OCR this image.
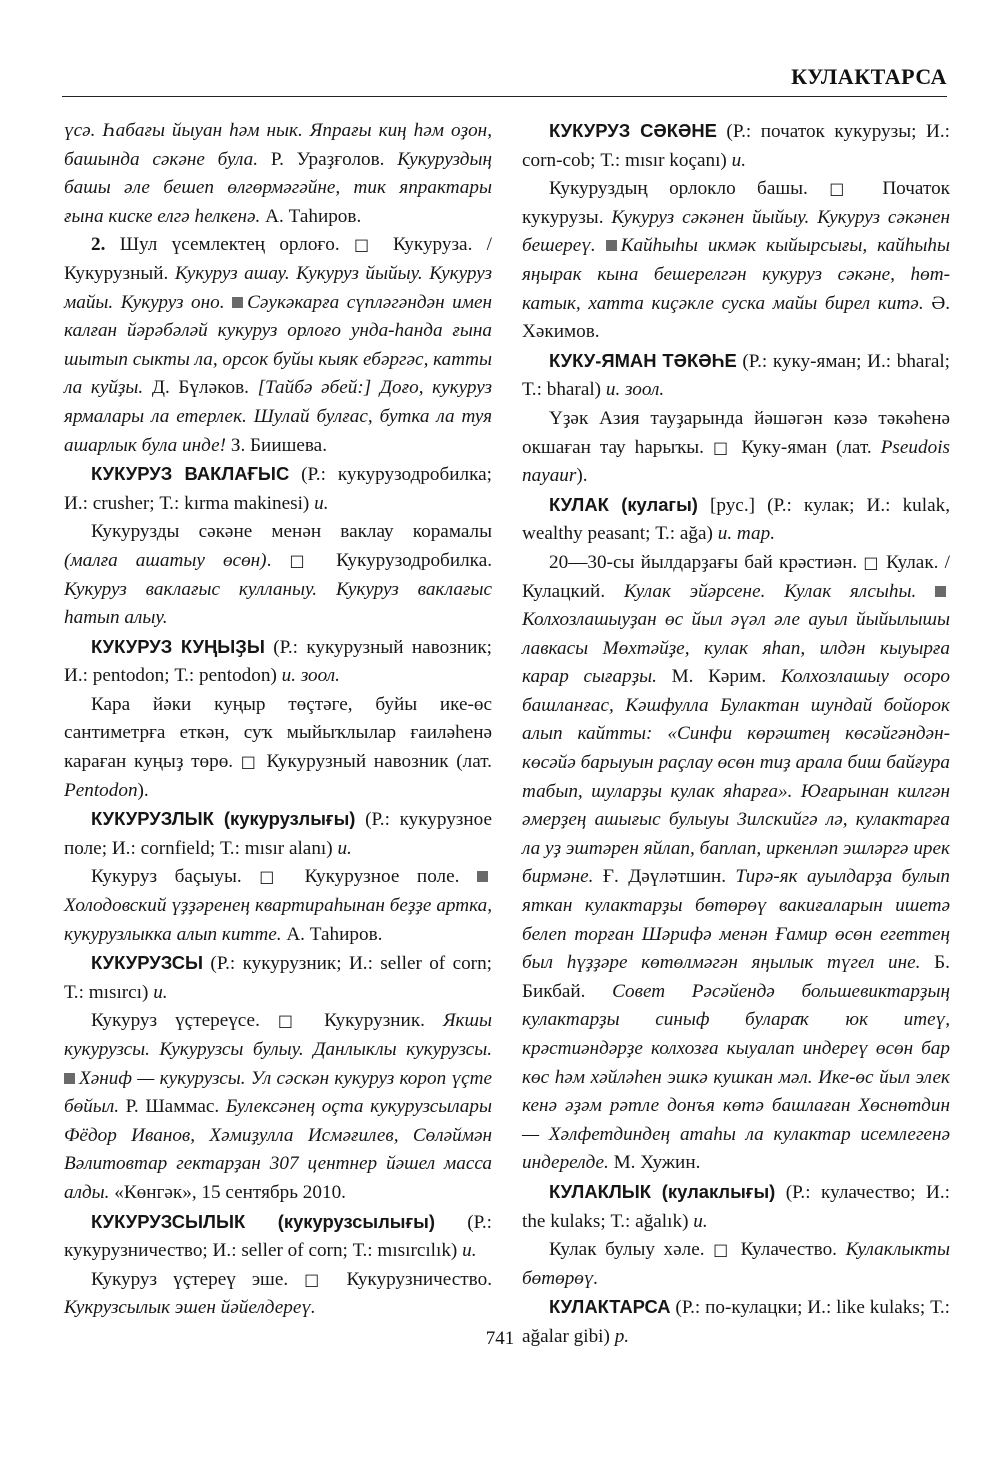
КУЛАКТАРСА

үсә. Һабағы йыуан һәм нык. Япрағы киң һәм оҙон, башында сәкәне була. Р. Ураҙғолов. Кукуруздың башы әле бешеп өлгөрмәгәйне, тик япрактары ғына киске елгә һелкенә. А. Таһиров.

2. Шул үсемлектең орлоғо. □ Кукуруза. / Кукурузный. Кукуруз ашау. Кукуруз йыйыу. Кукуруз майы. Кукуруз оно. Сәукәкарға сүпләгәндән имен калған йәрәбәләй кукуруз орлоғо унда-һанда ғына шытып сыкты ла, орсок буйы кыяк ебәргәс, катты ла куйҙы. Д. Бүләков. [Тайбә әбей:] Доғо, кукуруз ярмалары ла етерлек. Шулай булғас, бутка ла туя ашарлык була инде! З. Биишева.

КУКУРУЗ ВАКЛАҒЫС (Р.: кукурузодробилка; И.: crusher; Т.: kırma makinesi) и.

Кукурузды сәкәне менән ваклау корамалы (малға ашатыу өсөн). □ Кукурузодробилка. Кукуруз ваклағыс кулланыу. Кукуруз ваклағыс һатып алыу.

КУКУРУЗ КУҢЫҘЫ (Р.: кукурузный навозник; И.: pentodon; Т.: pentodon) и. зоол.

Кара йәки куңыр төçтәге, буйы ике-өс сантиметрға еткән, суҡ мыйыҡлылар ғаиләһенә караған куңыҙ төрө. □ Кукурузный навозник (лат. Pentodon).

КУКУРУЗЛЫК (кукурузлығы) (Р.: кукурузное поле; И.: cornfield; Т.: mısır alanı) и.

Кукуруз баçыуы. □ Кукурузное поле. Холодовский үҙҙәренең квартираһынан беҙҙе артка, кукурузлыкка алып китте. А. Таһиров.

КУКУРУЗСЫ (Р.: кукурузник; И.: seller of corn; Т.: mısırcı) и.

Кукуруз үçтереүсе. □ Кукурузник. Якшы кукурузсы. Кукурузсы булыу. Данлыклы кукурузсы. Хәниф — кукурузсы. Ул сәскән кукуруз короп үçте бөйыл. Р. Шаммас. Булексәнең оçта кукурузсылары Фёдор Иванов, Хәмиҙулла Исмәғилев, Сөләймән Вәлитовтар гектарҙан 307 центнер йәшел масса алды. «Көнгәк», 15 сентябрь 2010.

КУКУРУЗСЫЛЫК (кукурузсылығы) (Р.: кукурузничество; И.: seller of corn; Т.: mısırcılık) и.

Кукуруз үçтереү эше. □ Кукурузничество. Кукрузсылык эшен йәйелдереү.

КУКУРУЗ СӘКӘНЕ (Р.: початок кукурузы; И.: corn-cob; Т.: mısır koçanı) и.

Кукуруздың орлоклo башы. □ Початок кукурузы. Кукуруз сәкәнен йыйыу. Кукуруз сәкәнен бешереү. Кайһыһы икмәк кыйырсығы, кайһыһы яңырак кына бешерелгән кукуруз сәкәне, һөт-катык, хатта киçәкле суска майы бирел китә. Ә. Хәкимов.

КУКУ-ЯМАН ТӘКӘҺЕ (Р.: куку-яман; И.: bharal; Т.: bharal) и. зоол.

Үҙәк Азия тауҙарында йәшәгән кәзә тәкәһенә окшаған тау һарыҡы. □ Куку-яман (лат. Pseudois nayaur).

КУЛАК (кулагы) [рус.] (Р.: кулак; И.: kulak, wealthy peasant; Т.: ağa) и. тар.

20—30-сы йылдарҙағы бай крәстиән. □ Кулак. / Кулацкий. Кулак эйәрсене. Кулак ялсыһы. Колхозлашыуҙан өс йыл әүәл әле ауыл йыйылышы лавкасы Мөхтәйҙе, кулак яһап, илдән кыуырға карар сығарҙы. М. Кәрим. Колхозлашыу осоро башланғас, Кәшфулла Булактан шундай бойорок алып кайтты: «Синфи көрәштең көсәйгәндән-көсәйә барыуын раçлау өсөн тиҙ арала биш байғура табып, шуларҙы кулак яһарға». Юғарынан килгән әмерҙең ашығыс булыуы Зилскийгә лә, кулактарға ла уҙ эштәрен яйлап, баплап, иркенләп эшләргә ирек бирмәне. Ғ. Дәүләтшин. Тирә-як ауылдарҙа булып яткан кулактарҙы бөтөрөү вакиғаларын ишетә белеп торған Шәрифә менән Ғамир өсөн егеттең был һүҙҙәре көтөлмәгән яңылык түгел ине. Б. Бикбай. Совет Рәсәйендә большевиктарҙың кулактарҙы синыф булараҡ юк итеү, крәстиәндәрҙе колхозға кыуалап индереү өсөн бар көс һәм хәйләһен эшкә кушкан мәл. Ике-өс йыл элек кенә әҙәм рәтле донъя көтә башлаған Хөснөтдин — Хәлфетдиндең атаһы ла кулактар исемлегенә индерелде. М. Хужин.

КУЛАКЛЫК (кулаклығы) (Р.: кулачество; И.: the kulaks; Т.: ağalık) и.

Кулак булыу хәле. □ Кулачество. Кулаклыкты бөтөрөү.

КУЛАКТАРСА (Р.: по-кулацки; И.: like kulaks; Т.: ağalar gibi) р.

741
